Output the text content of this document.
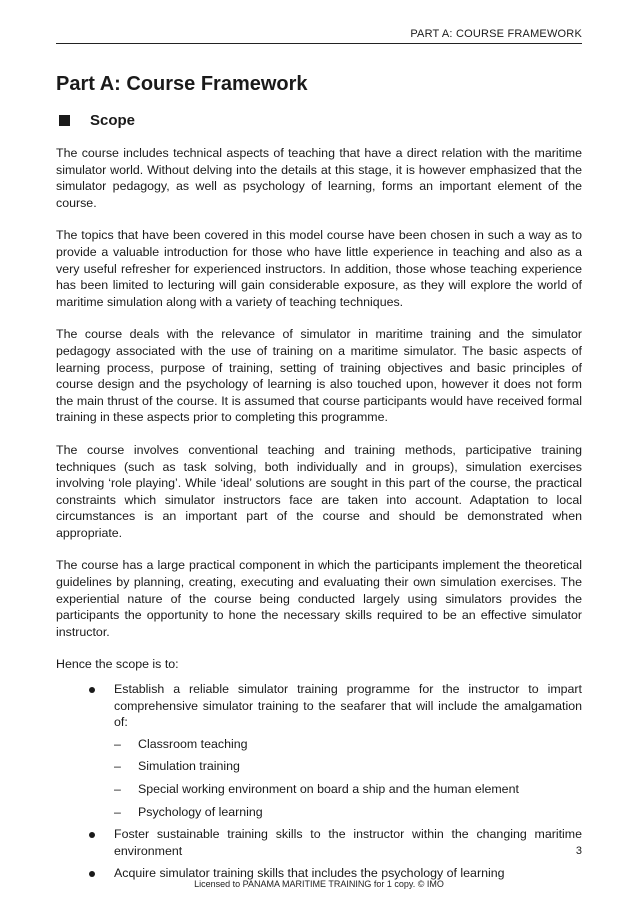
PART A: COURSE FRAMEWORK
Part A: Course Framework
Scope

The course includes technical aspects of teaching that have a direct relation with the maritime simulator world. Without delving into the details at this stage, it is however emphasized that the simulator pedagogy, as well as psychology of learning, forms an important element of the course.

The topics that have been covered in this model course have been chosen in such a way as to provide a valuable introduction for those who have little experience in teaching and also as a very useful refresher for experienced instructors. In addition, those whose teaching experience has been limited to lecturing will gain considerable exposure, as they will explore the world of maritime simulation along with a variety of teaching techniques.

The course deals with the relevance of simulator in maritime training and the simulator pedagogy associated with the use of training on a maritime simulator. The basic aspects of learning process, purpose of training, setting of training objectives and basic principles of course design and the psychology of learning is also touched upon, however it does not form the main thrust of the course. It is assumed that course participants would have received formal training in these aspects prior to completing this programme.

The course involves conventional teaching and training methods, participative training techniques (such as task solving, both individually and in groups), simulation exercises involving ‘role playing’. While ‘ideal’ solutions are sought in this part of the course, the practical constraints which simulator instructors face are taken into account. Adaptation to local circumstances is an important part of the course and should be demonstrated when appropriate.

The course has a large practical component in which the participants implement the theoretical guidelines by planning, creating, executing and evaluating their own simulation exercises. The experiential nature of the course being conducted largely using simulators provides the participants the opportunity to hone the necessary skills required to be an effective simulator instructor.

Hence the scope is to:

Establish a reliable simulator training programme for the instructor to impart comprehensive simulator training to the seafarer that will include the amalgamation of:
– Classroom teaching
– Simulation training
– Special working environment on board a ship and the human element
– Psychology of learning
Foster sustainable training skills to the instructor within the changing maritime environment
Acquire simulator training skills that includes the psychology of learning
3
Licensed to PANAMA MARITIME TRAINING for 1 copy. © IMO
